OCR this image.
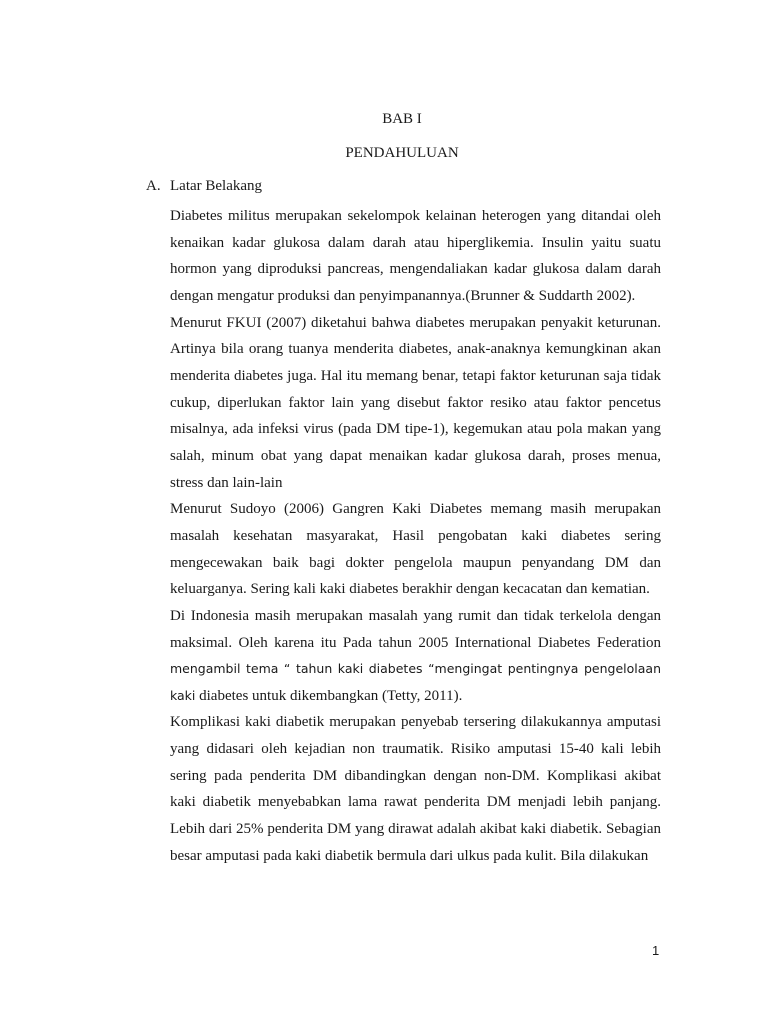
BAB I
PENDAHULUAN
A. Latar Belakang

Diabetes militus merupakan sekelompok kelainan heterogen yang ditandai oleh kenaikan kadar glukosa dalam darah atau hiperglikemia. Insulin yaitu suatu hormon yang diproduksi pancreas, mengendaliakan kadar glukosa dalam darah dengan mengatur produksi dan penyimpanannya.(Brunner & Suddarth 2002).

Menurut FKUI (2007) diketahui bahwa diabetes merupakan penyakit keturunan. Artinya bila orang tuanya menderita diabetes, anak-anaknya kemungkinan akan menderita diabetes juga. Hal itu memang benar, tetapi faktor keturunan saja tidak cukup, diperlukan faktor lain yang disebut faktor resiko atau faktor pencetus misalnya, ada infeksi virus (pada DM tipe-1), kegemukan atau pola makan yang salah, minum obat yang dapat menaikan kadar glukosa darah, proses menua, stress dan lain-lain

Menurut Sudoyo (2006) Gangren Kaki Diabetes memang masih merupakan masalah kesehatan masyarakat, Hasil pengobatan kaki diabetes sering mengecewakan baik bagi dokter pengelola maupun penyandang DM dan keluarganya. Sering kali kaki diabetes berakhir dengan kecacatan dan kematian.

Di Indonesia masih merupakan masalah yang rumit dan tidak terkelola dengan maksimal. Oleh karena itu Pada tahun 2005 International Diabetes Federation mengambil tema “ tahun kaki diabetes “mengingat pentingnya pengelolaan kaki diabetes untuk dikembangkan (Tetty, 2011).

Komplikasi kaki diabetik merupakan penyebab tersering dilakukannya amputasi yang didasari oleh kejadian non traumatik. Risiko amputasi 15-40 kali lebih sering pada penderita DM dibandingkan dengan non-DM. Komplikasi akibat kaki diabetik menyebabkan lama rawat penderita DM menjadi lebih panjang. Lebih dari 25% penderita DM yang dirawat adalah akibat kaki diabetik. Sebagian besar amputasi pada kaki diabetik bermula dari ulkus pada kulit. Bila dilakukan

1
